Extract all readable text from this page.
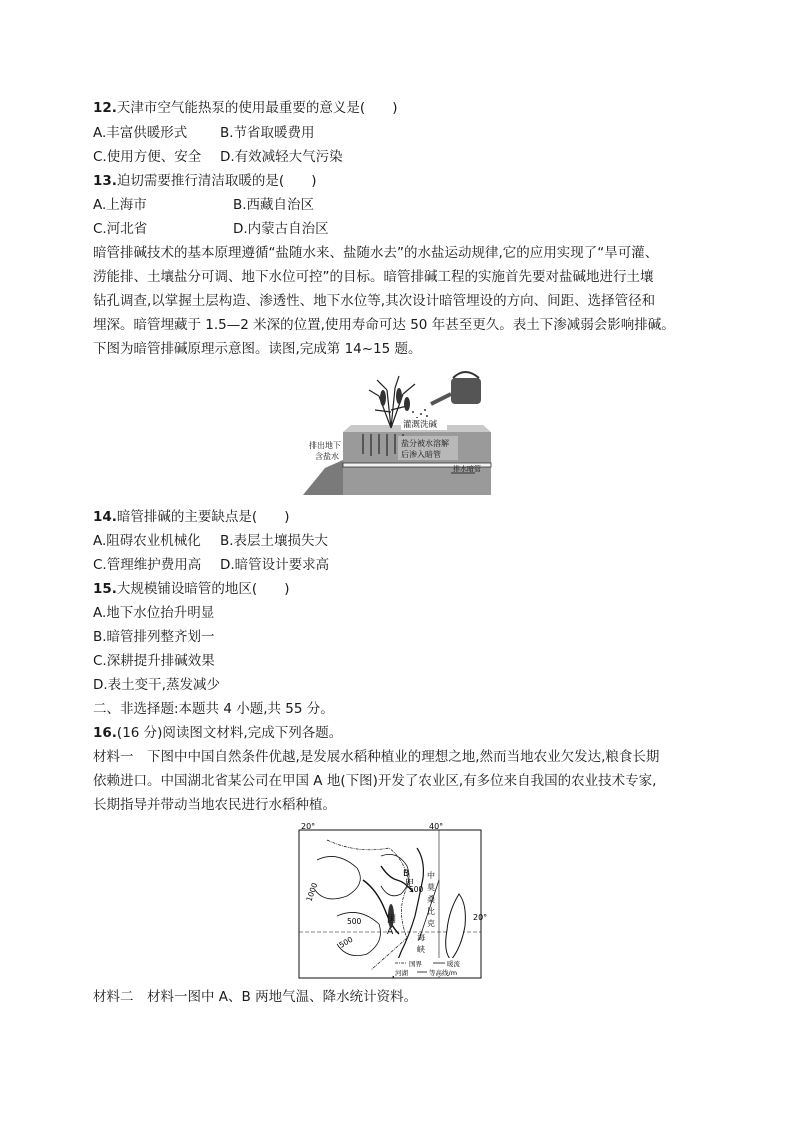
12.天津市空气能热泵的使用最重要的意义是(　　)
A.丰富供暖形式 B.节省取暖费用
C.使用方便、安全 D.有效减轻大气污染
13.迫切需要推行清洁取暖的是(　　)
A.上海市	B.西藏自治区
C.河北省	D.内蒙古自治区
暗管排碱技术的基本原理遵循“盐随水来、盐随水去”的水盐运动规律,它的应用实现了“旱可灌、
涝能排、土壤盐分可调、地下水位可控”的目标。暗管排碱工程的实施首先要对盐碱地进行土壤
钻孔调查,以掌握土层构造、渗透性、地下水位等,其次设计暗管埋设的方向、间距、选择管径和
埋深。暗管埋藏于 1.5—2 米深的位置,使用寿命可达 50 年甚至更久。表土下渗减弱会影响排碱。
下图为暗管排碱原理示意图。读图,完成第 14~15 题。
灌溉洗碱
盐分被水溶解
后渗入暗管
排出地下
含盐水
排水暗管
14.暗管排碱的主要缺点是(　　)
A.阻碍农业机械化 B.表层土壤损失大
C.管理维护费用高 D.暗管设计要求高
15.大规模铺设暗管的地区(　　)
A.地下水位抬升明显
B.暗管排列整齐划一
C.深耕提升排碱效果
D.表土变干,蒸发减少
二、非选择题:本题共 4 小题,共 55 分。
16.(16 分)阅读图文材料,完成下列各题。
材料一　下图中中国自然条件优越,是发展水稻种植业的理想之地,然而当地农业欠发达,粮食长期
依赖进口。中国湖北省某公司在甲国 A 地(下图)开发了农业区,有多位来自我国的农业技术专家,
长期指导并带动当地农民进行水稻种植。
20°	40°
20°
1000
500
500
500
B
甲
A
国
中
莫
桑
比
克
海
峡
国界	暖流
河湖	等高线/m
材料二　材料一图中 A、B 两地气温、降水统计资料。
